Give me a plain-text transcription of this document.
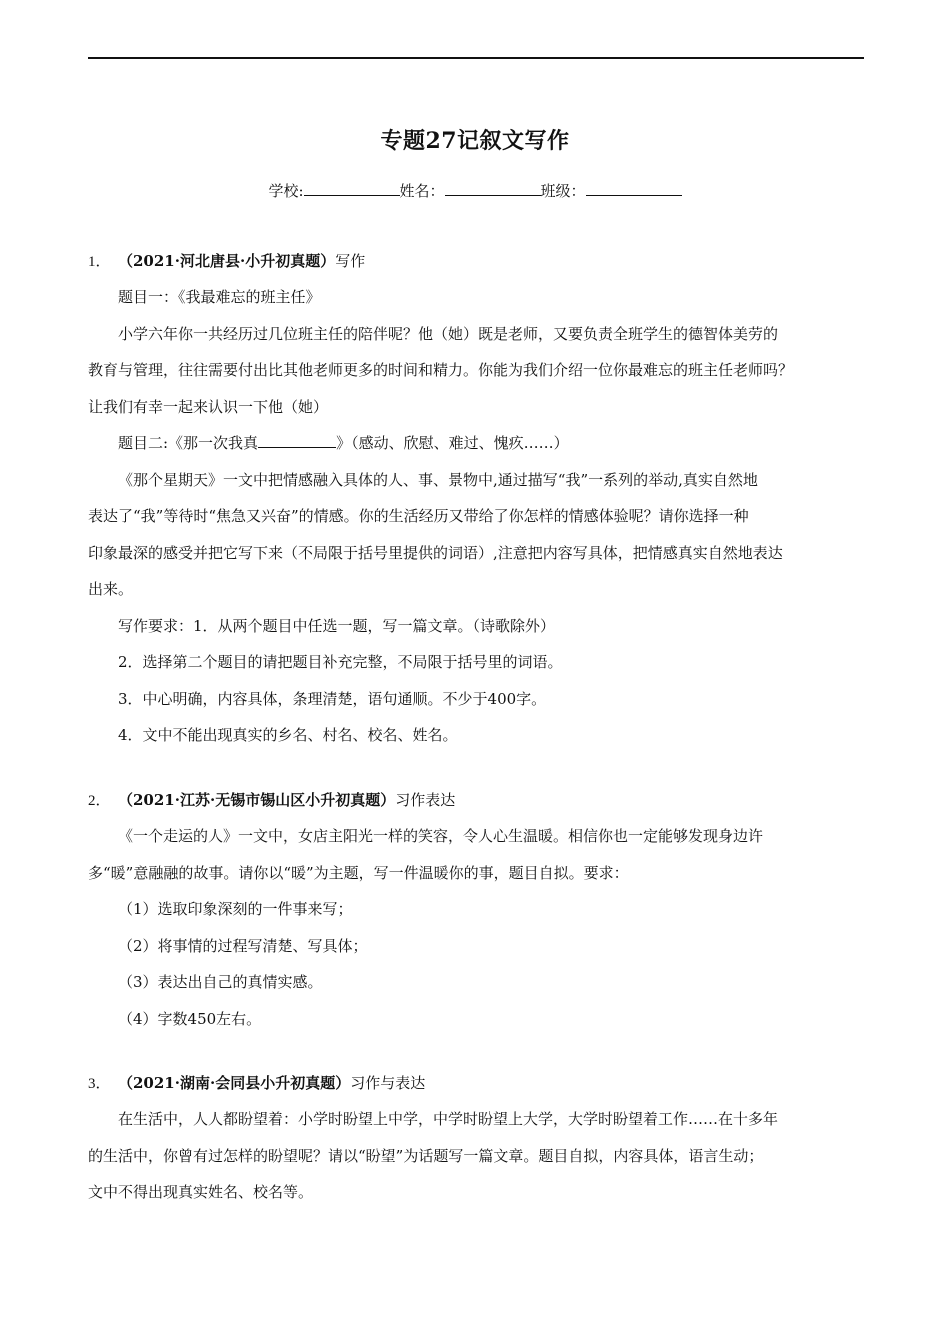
专题27记叙文写作
学校:	姓名：	班级：
1． （2021·河北唐县·小升初真题）写作
题目一：《我最难忘的班主任》
小学六年你一共经历过几位班主任的陪伴呢？他（她）既是老师，又要负责全班学生的德智体美劳的
教育与管理，往往需要付出比其他老师更多的时间和精力。你能为我们介绍一位你最难忘的班主任老师吗？
让我们有幸一起来认识一下他（她）
题目二:《那一次我真	》（感动、欣慰、难过、愧疚……）
《那个星期天》一文中把情感融入具体的人、事、景物中,通过描写“我”一系列的举动,真实自然地
表达了“我”等待时“焦急又兴奋”的情感。你的生活经历又带给了你怎样的情感体验呢？请你选择一种
印象最深的感受并把它写下来（不局限于括号里提供的词语）,注意把内容写具体，把情感真实自然地表达
出来。
写作要求：1．从两个题目中任选一题，写一篇文章。（诗歌除外）
2．选择第二个题目的请把题目补充完整，不局限于括号里的词语。
3．中心明确，内容具体，条理清楚，语句通顺。不少于400字。
4．文中不能出现真实的乡名、村名、校名、姓名。
2． （2021·江苏·无锡市锡山区小升初真题）习作表达
《一个走运的人》一文中，女店主阳光一样的笑容，令人心生温暖。相信你也一定能够发现身边许
多“暖”意融融的故事。请你以“暖”为主题，写一件温暖你的事，题目自拟。要求：
（1）选取印象深刻的一件事来写；
（2）将事情的过程写清楚、写具体；
（3）表达出自己的真情实感。
（4）字数450左右。
3． （2021·湖南·会同县小升初真题）习作与表达
在生活中，人人都盼望着：小学时盼望上中学，中学时盼望上大学，大学时盼望着工作……在十多年
的生活中，你曾有过怎样的盼望呢？请以“盼望”为话题写一篇文章。题目自拟，内容具体，语言生动；
文中不得出现真实姓名、校名等。
